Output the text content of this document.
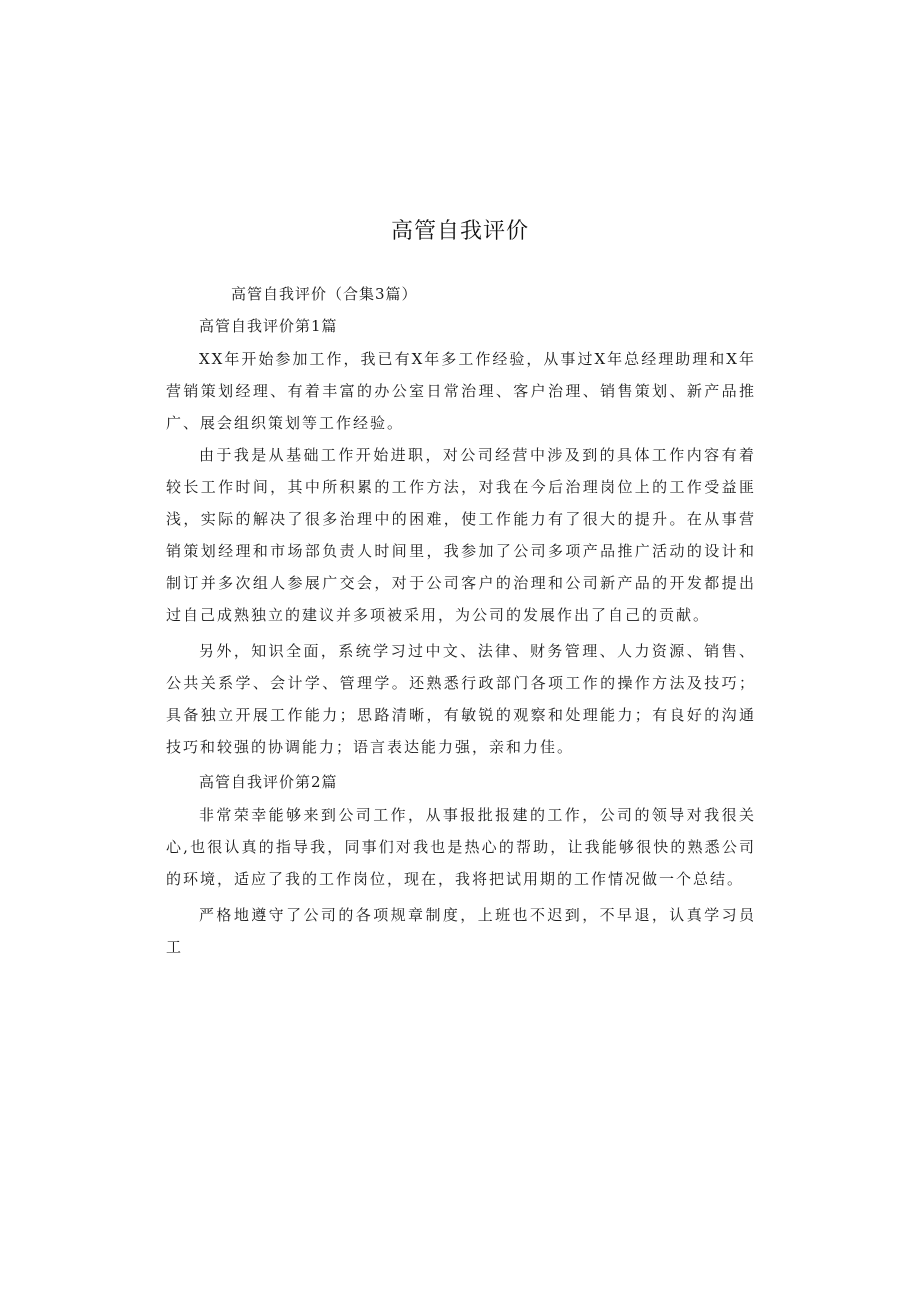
高管自我评价

高管自我评价（合集3篇）

高管自我评价第1篇

XX年开始参加工作，我已有X年多工作经验，从事过X年总经理助理和X年营销策划经理、有着丰富的办公室日常治理、客户治理、销售策划、新产品推广、展会组织策划等工作经验。

由于我是从基础工作开始进职，对公司经营中涉及到的具体工作内容有着较长工作时间，其中所积累的工作方法，对我在今后治理岗位上的工作受益匪浅，实际的解决了很多治理中的困难，使工作能力有了很大的提升。在从事营销策划经理和市场部负责人时间里，我参加了公司多项产品推广活动的设计和制订并多次组人参展广交会，对于公司客户的治理和公司新产品的开发都提出过自己成熟独立的建议并多项被采用，为公司的发展作出了自己的贡献。

另外，知识全面，系统学习过中文、法律、财务管理、人力资源、销售、公共关系学、会计学、管理学。还熟悉行政部门各项工作的操作方法及技巧；具备独立开展工作能力；思路清晰，有敏锐的观察和处理能力；有良好的沟通技巧和较强的协调能力；语言表达能力强，亲和力佳。

高管自我评价第2篇

非常荣幸能够来到公司工作，从事报批报建的工作，公司的领导对我很关心,也很认真的指导我，同事们对我也是热心的帮助，让我能够很快的熟悉公司的环境，适应了我的工作岗位，现在，我将把试用期的工作情况做一个总结。

严格地遵守了公司的各项规章制度，上班也不迟到，不早退，认真学习员工
